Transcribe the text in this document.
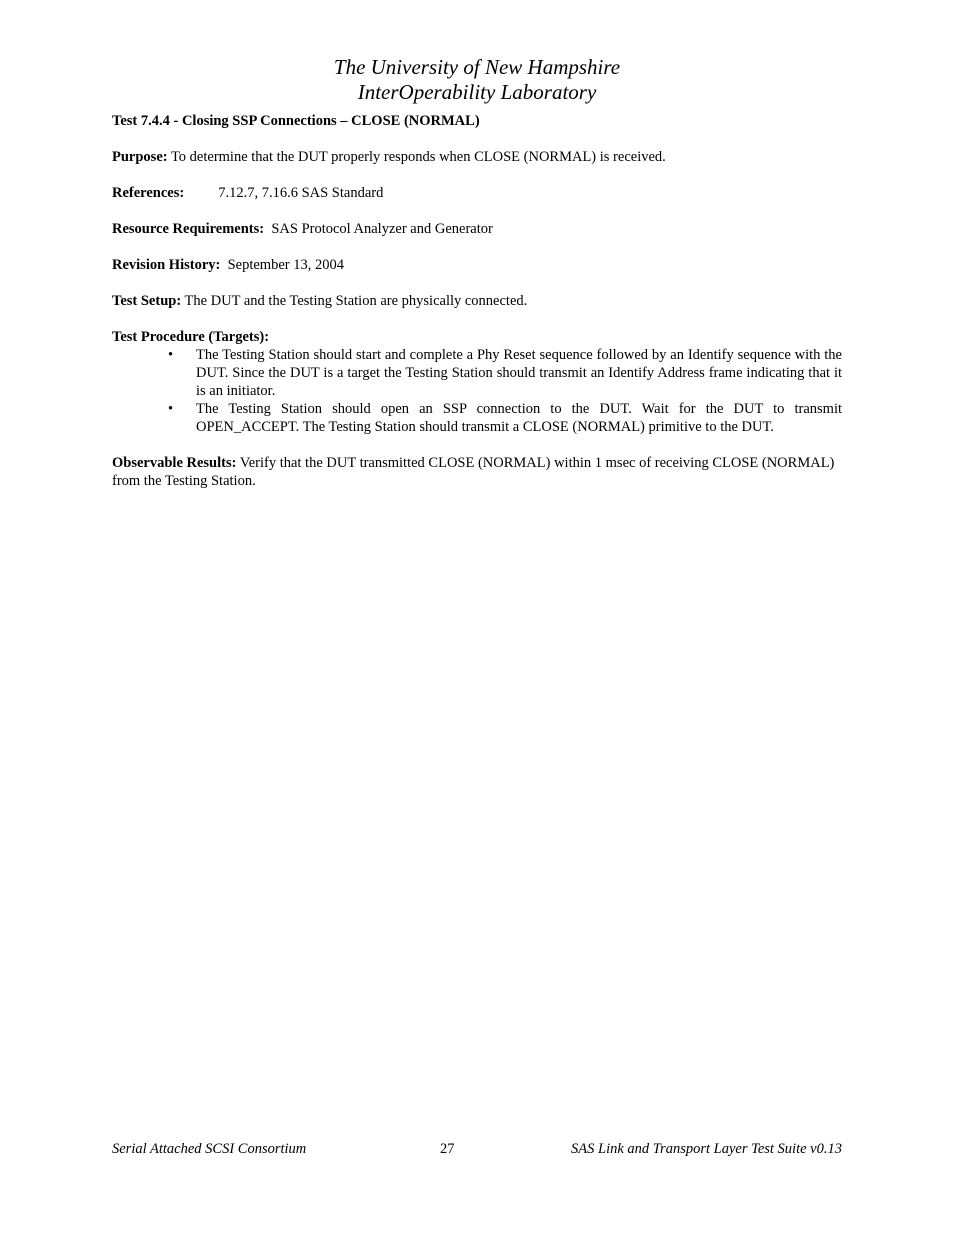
The University of New Hampshire
InterOperability Laboratory

Test 7.4.4 - Closing SSP Connections – CLOSE (NORMAL)

Purpose: To determine that the DUT properly responds when CLOSE (NORMAL) is received.

References: 7.12.7, 7.16.6 SAS Standard

Resource Requirements:  SAS Protocol Analyzer and Generator

Revision History:  September 13, 2004

Test Setup: The DUT and the Testing Station are physically connected.

Test Procedure (Targets):

• The Testing Station should start and complete a Phy Reset sequence followed by an Identify sequence with the DUT. Since the DUT is a target the Testing Station should transmit an Identify Address frame indicating that it is an initiator.
• The Testing Station should open an SSP connection to the DUT. Wait for the DUT to transmit OPEN_ACCEPT. The Testing Station should transmit a CLOSE (NORMAL) primitive to the DUT.

Observable Results: Verify that the DUT transmitted CLOSE (NORMAL) within 1 msec of receiving CLOSE (NORMAL) from the Testing Station.

Serial Attached SCSI Consortium	27	SAS Link and Transport Layer Test Suite v0.13
